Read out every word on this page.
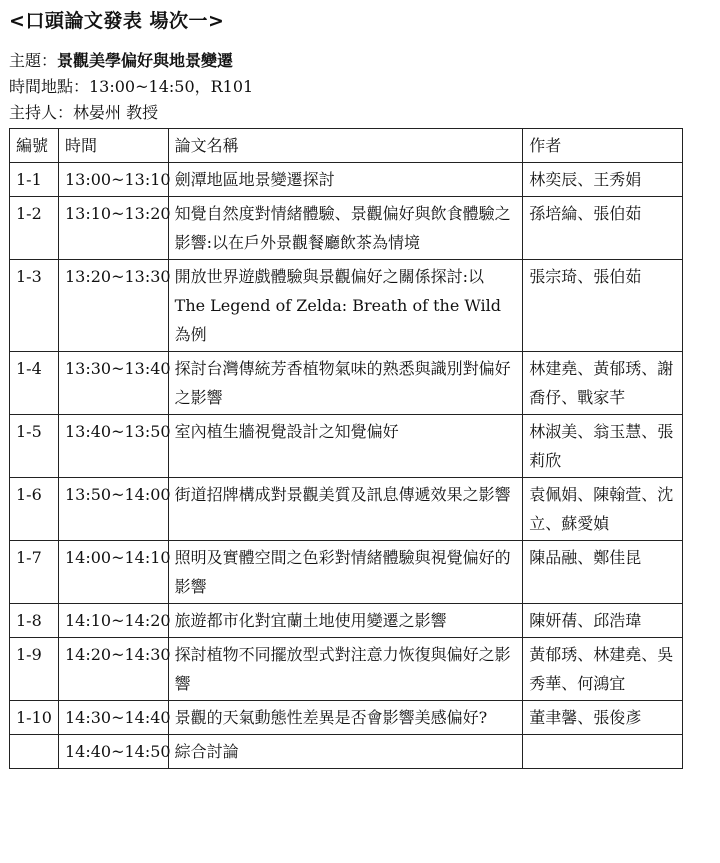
<口頭論文發表 場次一>
主題：景觀美學偏好與地景變遷
時間地點：13:00~14:50，R101
主持人：林晏州 教授
編號	時間	論文名稱	作者
1-1	13:00~13:10	劍潭地區地景變遷探討	林奕辰、王秀娟
1-2	13:10~13:20	知覺自然度對情緒體驗、景觀偏好與飲食體驗之影響:以在戶外景觀餐廳飲茶為情境	孫培綸、張伯茹
1-3	13:20~13:30	開放世界遊戲體驗與景觀偏好之關係探討:以 The Legend of Zelda: Breath of the Wild 為例	張宗琦、張伯茹
1-4	13:30~13:40	探討台灣傳統芳香植物氣味的熟悉與識別對偏好之影響	林建堯、黃郁琇、謝喬伃、戰家芊
1-5	13:40~13:50	室內植生牆視覺設計之知覺偏好	林淑美、翁玉慧、張莉欣
1-6	13:50~14:00	街道招牌構成對景觀美質及訊息傳遞效果之影響	袁佩娟、陳翰萱、沈立、蘇愛媜
1-7	14:00~14:10	照明及實體空間之色彩對情緒體驗與視覺偏好的影響	陳品融、鄭佳昆
1-8	14:10~14:20	旅遊都市化對宜蘭土地使用變遷之影響	陳妍蒨、邱浩瑋
1-9	14:20~14:30	探討植物不同擺放型式對注意力恢復與偏好之影響	黃郁琇、林建堯、吳秀華、何鴻宜
1-10	14:30~14:40	景觀的天氣動態性差異是否會影響美感偏好?	董聿馨、張俊彥
	14:40~14:50	綜合討論	
